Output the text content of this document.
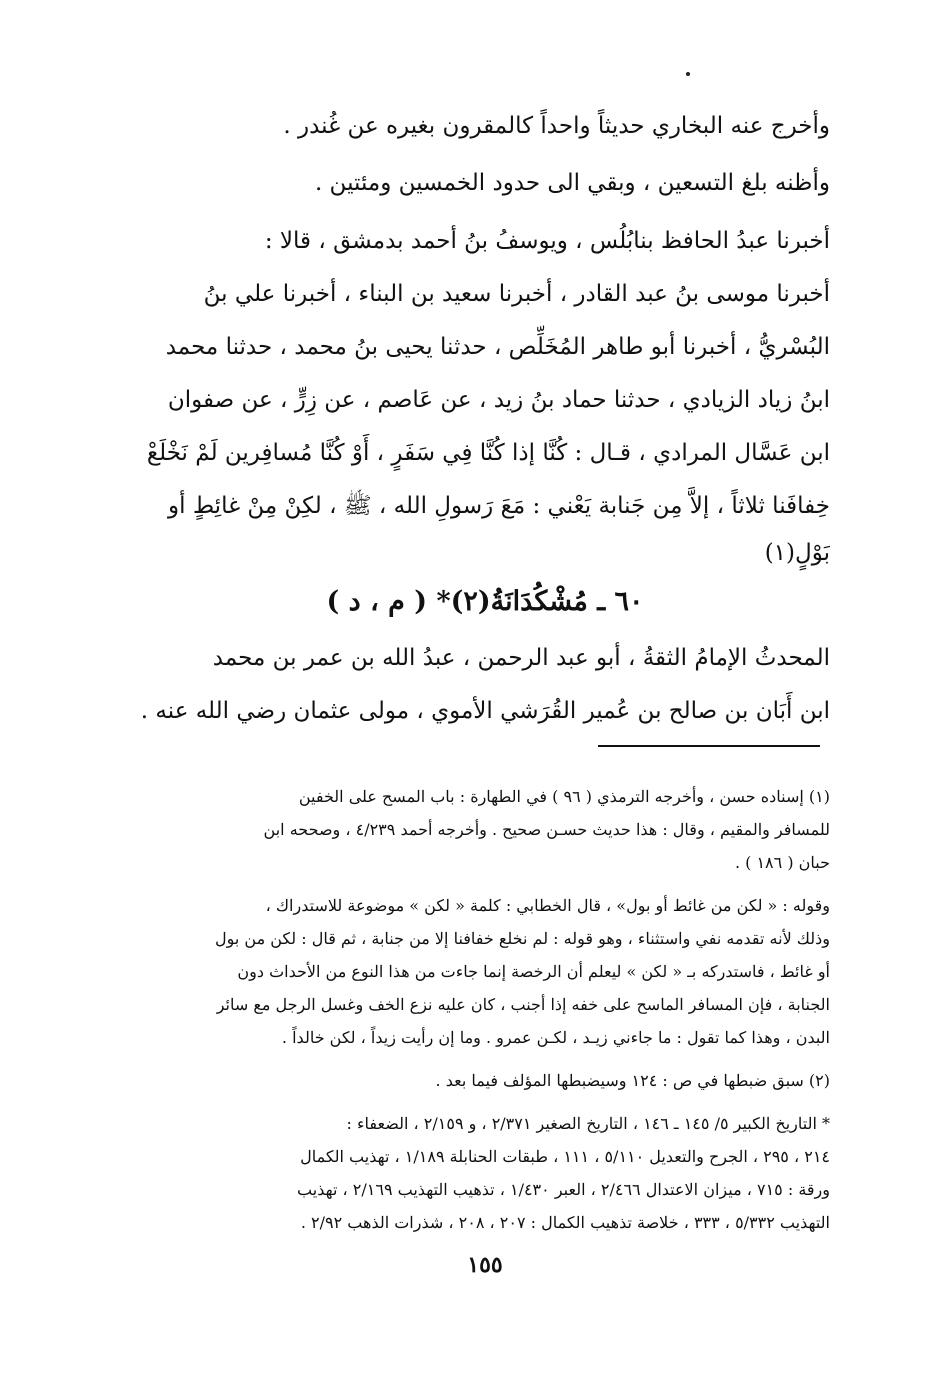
وأخرج عنه البخاري حديثاً واحداً كالمقرون بغيره عن غُندر .
وأظنه بلغ التسعين ، وبقي الى حدود الخمسين ومئتين .
أخبرنا عبدُ الحافظ بنابُلُس ، ويوسفُ بنُ أحمد بدمشق ، قالا :
أخبرنا موسى بنُ عبد القادر ، أخبرنا سعيد بن البناء ، أخبرنا علي بنُ
البُسْريُّ ، أخبرنا أبو طاهر المُخَلِّص ، حدثنا يحيى بنُ محمد ، حدثنا محمد
ابنُ زياد الزيادي ، حدثنا حماد بنُ زيد ، عن عَاصم ، عن زِرٍّ ، عن صفوان
ابن عَسَّال المرادي ، قـال : كُنَّا إذا كُنَّا فِي سَفَرٍ ، أَوْ كُنَّا مُسافِرين لَمْ نَخْلَعْ
خِفافَنا ثلاثاً ، إلاَّ مِن جَنابة يَعْني : مَعَ رَسولِ الله ، ﷺ ، لكِنْ مِنْ غائِطٍ أو
بَوْلٍ(١)
٦٠ ـ مُشْكُدَانَةُ(٢)* ( م ، د )
المحدثُ الإمامُ الثقةُ ، أبو عبد الرحمن ، عبدُ الله بن عمر بن محمد
ابن أَبَان بن صالح بن عُمير القُرَشي الأموي ، مولى عثمان رضي الله عنه .
(١) إسناده حسن ، وأخرجه الترمذي ( ٩٦ ) في الطهارة : باب المسح على الخفين
للمسافر والمقيم ، وقال : هذا حديث حسـن صحيح . وأخرجه أحمد ٤/٢٣٩ ، وصححه ابن
حبان ( ١٨٦ ) .
وقوله : « لكن من غائط أو بول» ، قال الخطابي : كلمة « لكن » موضوعة للاستدراك ،
وذلك لأنه تقدمه نفي واستثناء ، وهو قوله : لم نخلع خفافنا إلا من جنابة ، ثم قال : لكن من بول
أو غائط ، فاستدركه بـ « لكن » ليعلم أن الرخصة إنما جاءت من هذا النوع من الأحداث دون
الجنابة ، فإن المسافر الماسح على خفه إذا أجنب ، كان عليه نزع الخف وغسل الرجل مع سائر
البدن ، وهذا كما تقول : ما جاءني زيـد ، لكـن عمرو . وما إن رأيت زيداً ، لكن خالداً .
(٢) سبق ضبطها في ص : ١٢٤ وسيضبطها المؤلف فيما بعد .
* التاريخ الكبير ٥/ ١٤٥ ـ ١٤٦ ، التاريخ الصغير ٢/٣٧١ ، و ٢/١٥٩ ، الضعفاء :
٢١٤ ، ٢٩٥ ، الجرح والتعديل ٥/١١٠ ، ١١١ ، طبقات الحنابلة ١/١٨٩ ، تهذيب الكمال
ورقة : ٧١٥ ، ميزان الاعتدال ٢/٤٦٦ ، العبر ١/٤٣٠ ، تذهيب التهذيب ٢/١٦٩ ، تهذيب
التهذيب ٥/٣٣٢ ، ٣٣٣ ، خلاصة تذهيب الكمال : ٢٠٧ ، ٢٠٨ ، شذرات الذهب ٢/٩٢ .
١٥٥
